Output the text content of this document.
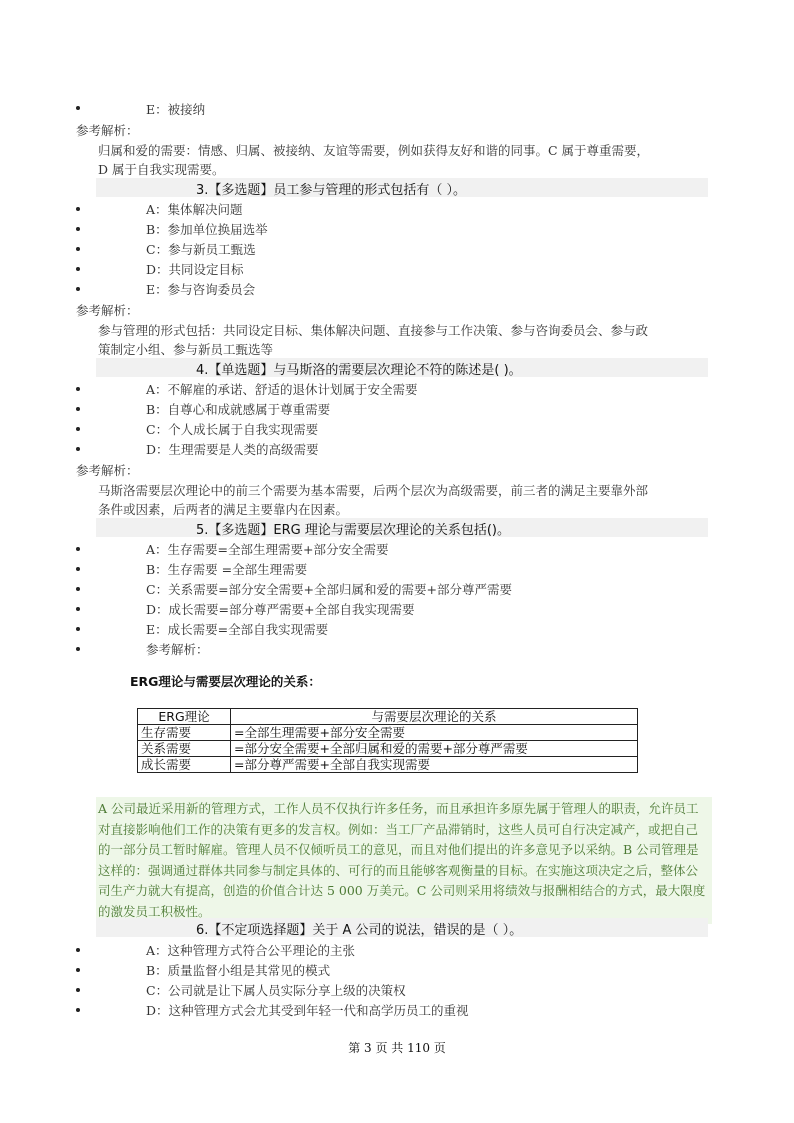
E：被接纳
参考解析：
归属和爱的需要：情感、归属、被接纳、友谊等需要，例如获得友好和谐的同事。C 属于尊重需要，
D 属于自我实现需要。
3.【多选题】员工参与管理的形式包括有（ ）。
A：集体解决问题
B：参加单位换届选举
C：参与新员工甄选
D：共同设定目标
E：参与咨询委员会
参考解析：
参与管理的形式包括：共同设定目标、集体解决问题、直接参与工作决策、参与咨询委员会、参与政
策制定小组、参与新员工甄选等
4.【单选题】与马斯洛的需要层次理论不符的陈述是( )。
A：不解雇的承诺、舒适的退休计划属于安全需要
B：自尊心和成就感属于尊重需要
C：个人成长属于自我实现需要
D：生理需要是人类的高级需要
参考解析：
马斯洛需要层次理论中的前三个需要为基本需要，后两个层次为高级需要，前三者的满足主要靠外部
条件或因素，后两者的满足主要靠内在因素。
5.【多选题】ERG 理论与需要层次理论的关系包括()。
A：生存需要=全部生理需要+部分安全需要
B：生存需要 =全部生理需要
C：关系需要=部分安全需要+全部归属和爱的需要+部分尊严需要
D：成长需要=部分尊严需要+全部自我实现需要
E：成长需要=全部自我实现需要
参考解析：
ERG理论与需要层次理论的关系：
ERG理论	与需要层次理论的关系
生存需要	=全部生理需要+部分安全需要
关系需要	=部分安全需要+全部归属和爱的需要+部分尊严需要
成长需要	=部分尊严需要+全部自我实现需要
A 公司最近采用新的管理方式，工作人员不仅执行许多任务，而且承担许多原先属于管理人的职责，允许员工对直接影响他们工作的决策有更多的发言权。例如：当工厂产品滞销时，这些人员可自行决定减产，或把自己的一部分员工暂时解雇。管理人员不仅倾听员工的意见，而且对他们提出的许多意见予以采纳。B 公司管理是这样的：强调通过群体共同参与制定具体的、可行的而且能够客观衡量的目标。在实施这项决定之后，整体公司生产力就大有提高，创造的价值合计达 5 000 万美元。C 公司则采用将绩效与报酬相结合的方式，最大限度的激发员工积极性。
6.【不定项选择题】关于 A 公司的说法，错误的是（ ）。
A：这种管理方式符合公平理论的主张
B：质量监督小组是其常见的模式
C：公司就是让下属人员实际分享上级的决策权
D：这种管理方式会尤其受到年轻一代和高学历员工的重视
第 3 页 共 110 页
